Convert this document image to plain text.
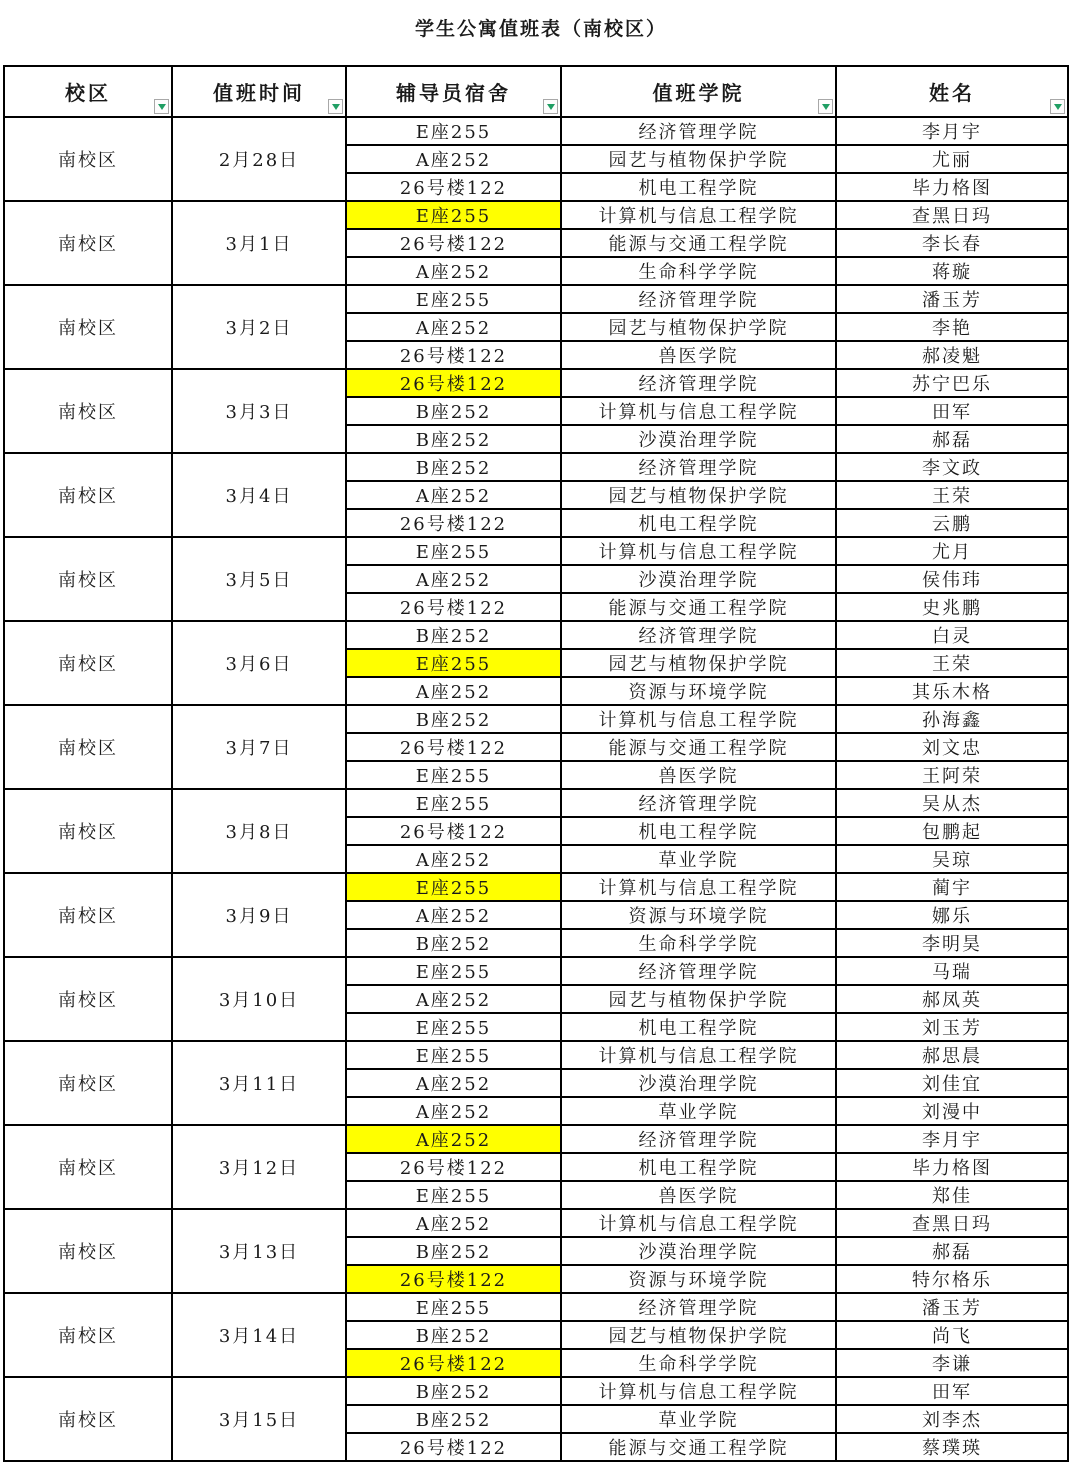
学生公寓值班表（南校区）
校区	值班时间	辅导员宿舍	值班学院	姓名

南校区	2月28日	E座255	经济管理学院	李月宇
		A座252	园艺与植物保护学院	尤丽
		26号楼122	机电工程学院	毕力格图
南校区	3月1日	E座255	计算机与信息工程学院	查黑日玛
		26号楼122	能源与交通工程学院	李长春
		A座252	生命科学学院	蒋璇
南校区	3月2日	E座255	经济管理学院	潘玉芳
		A座252	园艺与植物保护学院	李艳
		26号楼122	兽医学院	郝凌魁
南校区	3月3日	26号楼122	经济管理学院	苏宁巴乐
		B座252	计算机与信息工程学院	田军
		B座252	沙漠治理学院	郝磊
南校区	3月4日	B座252	经济管理学院	李文政
		A座252	园艺与植物保护学院	王荣
		26号楼122	机电工程学院	云鹏
南校区	3月5日	E座255	计算机与信息工程学院	尤月
		A座252	沙漠治理学院	侯伟玮
		26号楼122	能源与交通工程学院	史兆鹏
南校区	3月6日	B座252	经济管理学院	白灵
		E座255	园艺与植物保护学院	王荣
		A座252	资源与环境学院	其乐木格
南校区	3月7日	B座252	计算机与信息工程学院	孙海鑫
		26号楼122	能源与交通工程学院	刘文忠
		E座255	兽医学院	王阿荣
南校区	3月8日	E座255	经济管理学院	吴从杰
		26号楼122	机电工程学院	包鹏起
		A座252	草业学院	吴琼
南校区	3月9日	E座255	计算机与信息工程学院	蔺宇
		A座252	资源与环境学院	娜乐
		B座252	生命科学学院	李明昊
南校区	3月10日	E座255	经济管理学院	马瑞
		A座252	园艺与植物保护学院	郝凤英
		E座255	机电工程学院	刘玉芳
南校区	3月11日	E座255	计算机与信息工程学院	郝思晨
		A座252	沙漠治理学院	刘佳宜
		A座252	草业学院	刘漫中
南校区	3月12日	A座252	经济管理学院	李月宇
		26号楼122	机电工程学院	毕力格图
		E座255	兽医学院	郑佳
南校区	3月13日	A座252	计算机与信息工程学院	查黑日玛
		B座252	沙漠治理学院	郝磊
		26号楼122	资源与环境学院	特尔格乐
南校区	3月14日	E座255	经济管理学院	潘玉芳
		B座252	园艺与植物保护学院	尚飞
		26号楼122	生命科学学院	李谦
南校区	3月15日	B座252	计算机与信息工程学院	田军
		B座252	草业学院	刘李杰
		26号楼122	能源与交通工程学院	蔡璞瑛
